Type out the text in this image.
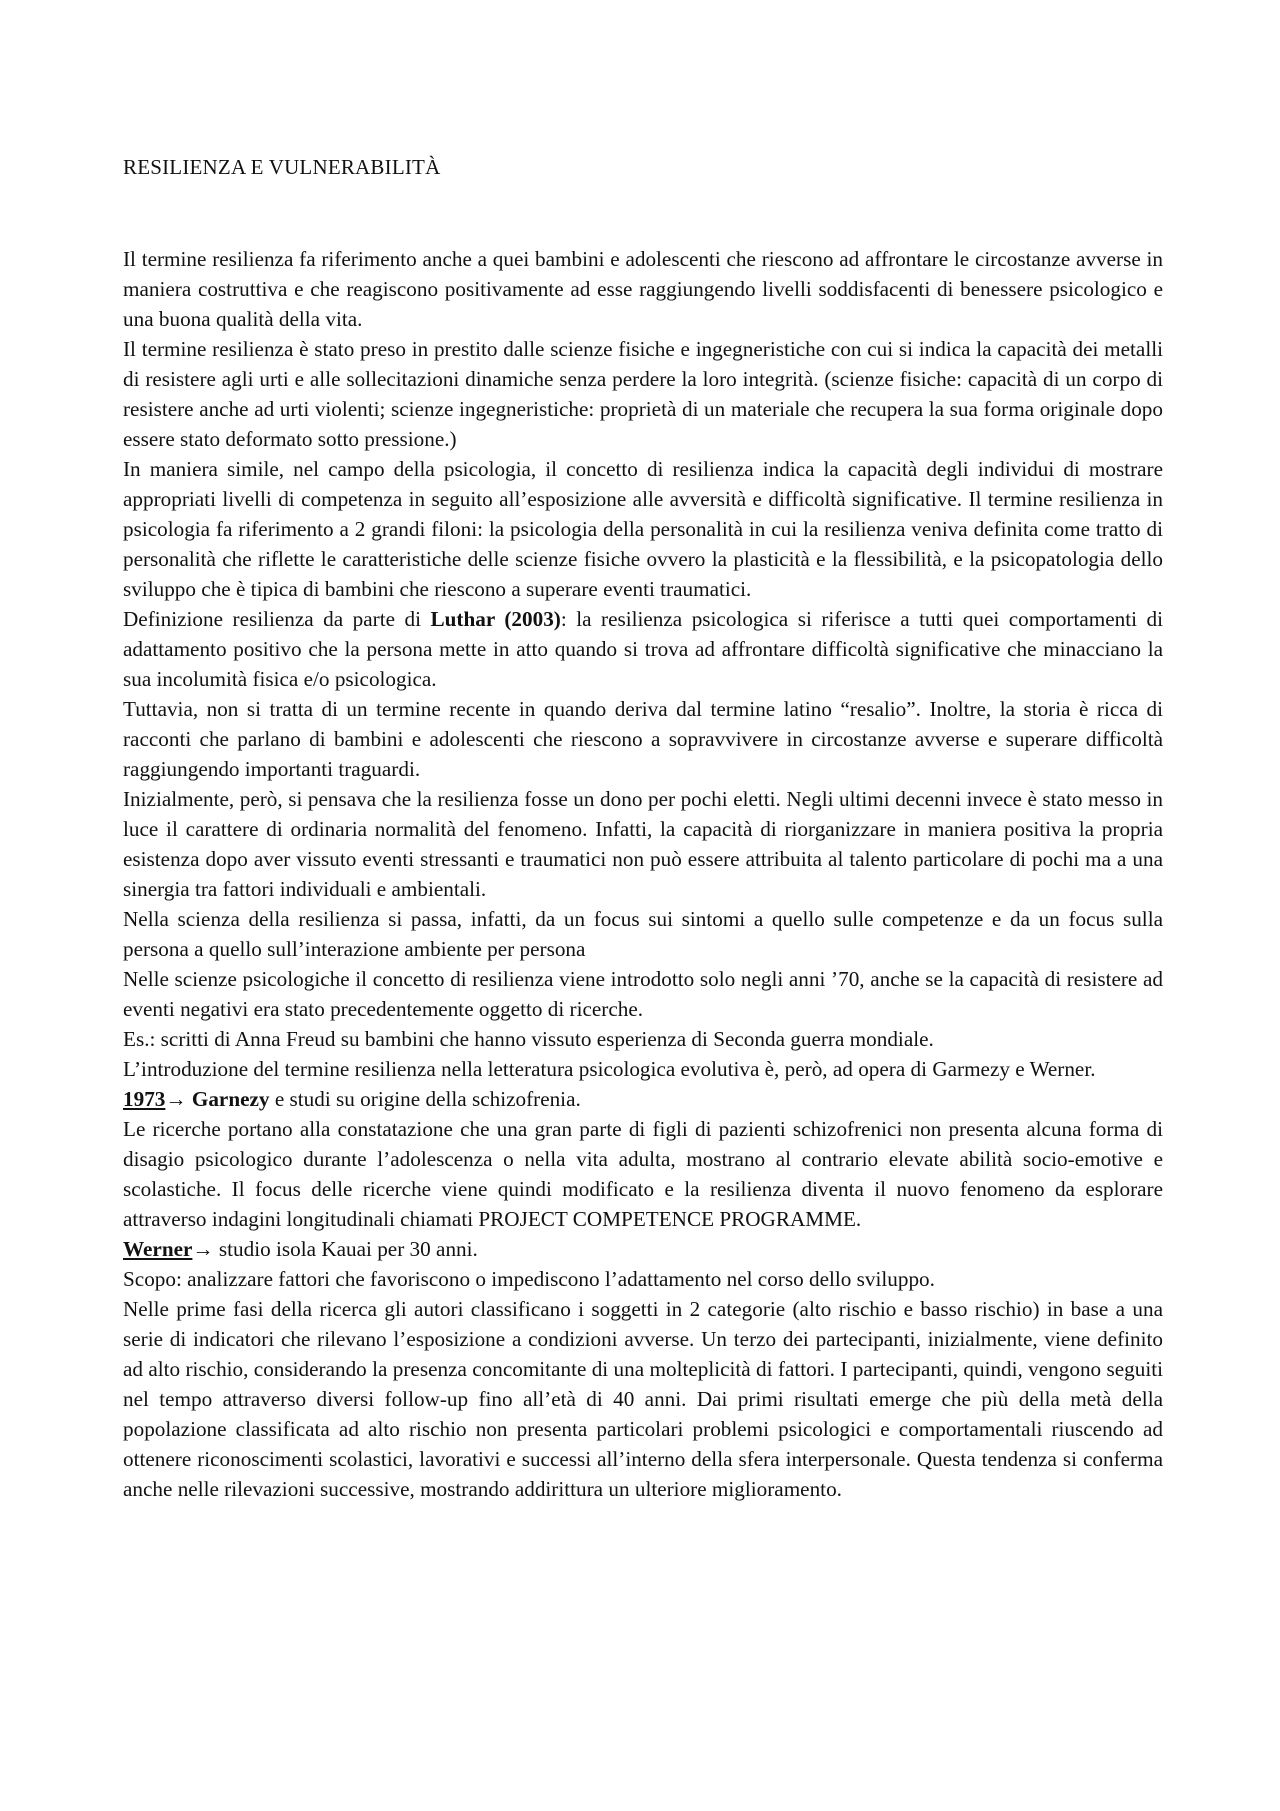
RESILIENZA E VULNERABILITÀ

Il termine resilienza fa riferimento anche a quei bambini e adolescenti che riescono ad affrontare le circostanze avverse in maniera costruttiva e che reagiscono positivamente ad esse raggiungendo livelli soddisfacenti di benessere psicologico e una buona qualità della vita.

Il termine resilienza è stato preso in prestito dalle scienze fisiche e ingegneristiche con cui si indica la capacità dei metalli di resistere agli urti e alle sollecitazioni dinamiche senza perdere la loro integrità. (scienze fisiche: capacità di un corpo di resistere anche ad urti violenti; scienze ingegneristiche: proprietà di un materiale che recupera la sua forma originale dopo essere stato deformato sotto pressione.)

In maniera simile, nel campo della psicologia, il concetto di resilienza indica la capacità degli individui di mostrare appropriati livelli di competenza in seguito all’esposizione alle avversità e difficoltà significative. Il termine resilienza in psicologia fa riferimento a 2 grandi filoni: la psicologia della personalità in cui la resilienza veniva definita come tratto di personalità che riflette le caratteristiche delle scienze fisiche ovvero la plasticità e la flessibilità, e la psicopatologia dello sviluppo che è tipica di bambini che riescono a superare eventi traumatici.

Definizione resilienza da parte di Luthar (2003): la resilienza psicologica si riferisce a tutti quei comportamenti di adattamento positivo che la persona mette in atto quando si trova ad affrontare difficoltà significative che minacciano la sua incolumità fisica e/o psicologica.

Tuttavia, non si tratta di un termine recente in quando deriva dal termine latino “resalio”. Inoltre, la storia è ricca di racconti che parlano di bambini e adolescenti che riescono a sopravvivere in circostanze avverse e superare difficoltà raggiungendo importanti traguardi.

Inizialmente, però, si pensava che la resilienza fosse un dono per pochi eletti. Negli ultimi decenni invece è stato messo in luce il carattere di ordinaria normalità del fenomeno. Infatti, la capacità di riorganizzare in maniera positiva la propria esistenza dopo aver vissuto eventi stressanti e traumatici non può essere attribuita al talento particolare di pochi ma a una sinergia tra fattori individuali e ambientali.

Nella scienza della resilienza si passa, infatti, da un focus sui sintomi a quello sulle competenze e da un focus sulla persona a quello sull’interazione ambiente per persona

Nelle scienze psicologiche il concetto di resilienza viene introdotto solo negli anni ’70, anche se la capacità di resistere ad eventi negativi era stato precedentemente oggetto di ricerche.

Es.: scritti di Anna Freud su bambini che hanno vissuto esperienza di Seconda guerra mondiale.

L’introduzione del termine resilienza nella letteratura psicologica evolutiva è, però, ad opera di Garmezy e Werner.

1973→ Garnezy e studi su origine della schizofrenia.

Le ricerche portano alla constatazione che una gran parte di figli di pazienti schizofrenici non presenta alcuna forma di disagio psicologico durante l’adolescenza o nella vita adulta, mostrano al contrario elevate abilità socio-emotive e scolastiche. Il focus delle ricerche viene quindi modificato e la resilienza diventa il nuovo fenomeno da esplorare attraverso indagini longitudinali chiamati PROJECT COMPETENCE PROGRAMME.

Werner→ studio isola Kauai per 30 anni.

Scopo: analizzare fattori che favoriscono o impediscono l’adattamento nel corso dello sviluppo.

Nelle prime fasi della ricerca gli autori classificano i soggetti in 2 categorie (alto rischio e basso rischio) in base a una serie di indicatori che rilevano l’esposizione a condizioni avverse. Un terzo dei partecipanti, inizialmente, viene definito ad alto rischio, considerando la presenza concomitante di una molteplicità di fattori. I partecipanti, quindi, vengono seguiti nel tempo attraverso diversi follow-up fino all’età di 40 anni. Dai primi risultati emerge che più della metà della popolazione classificata ad alto rischio non presenta particolari problemi psicologici e comportamentali riuscendo ad ottenere riconoscimenti scolastici, lavorativi e successi all’interno della sfera interpersonale. Questa tendenza si conferma anche nelle rilevazioni successive, mostrando addirittura un ulteriore miglioramento.
